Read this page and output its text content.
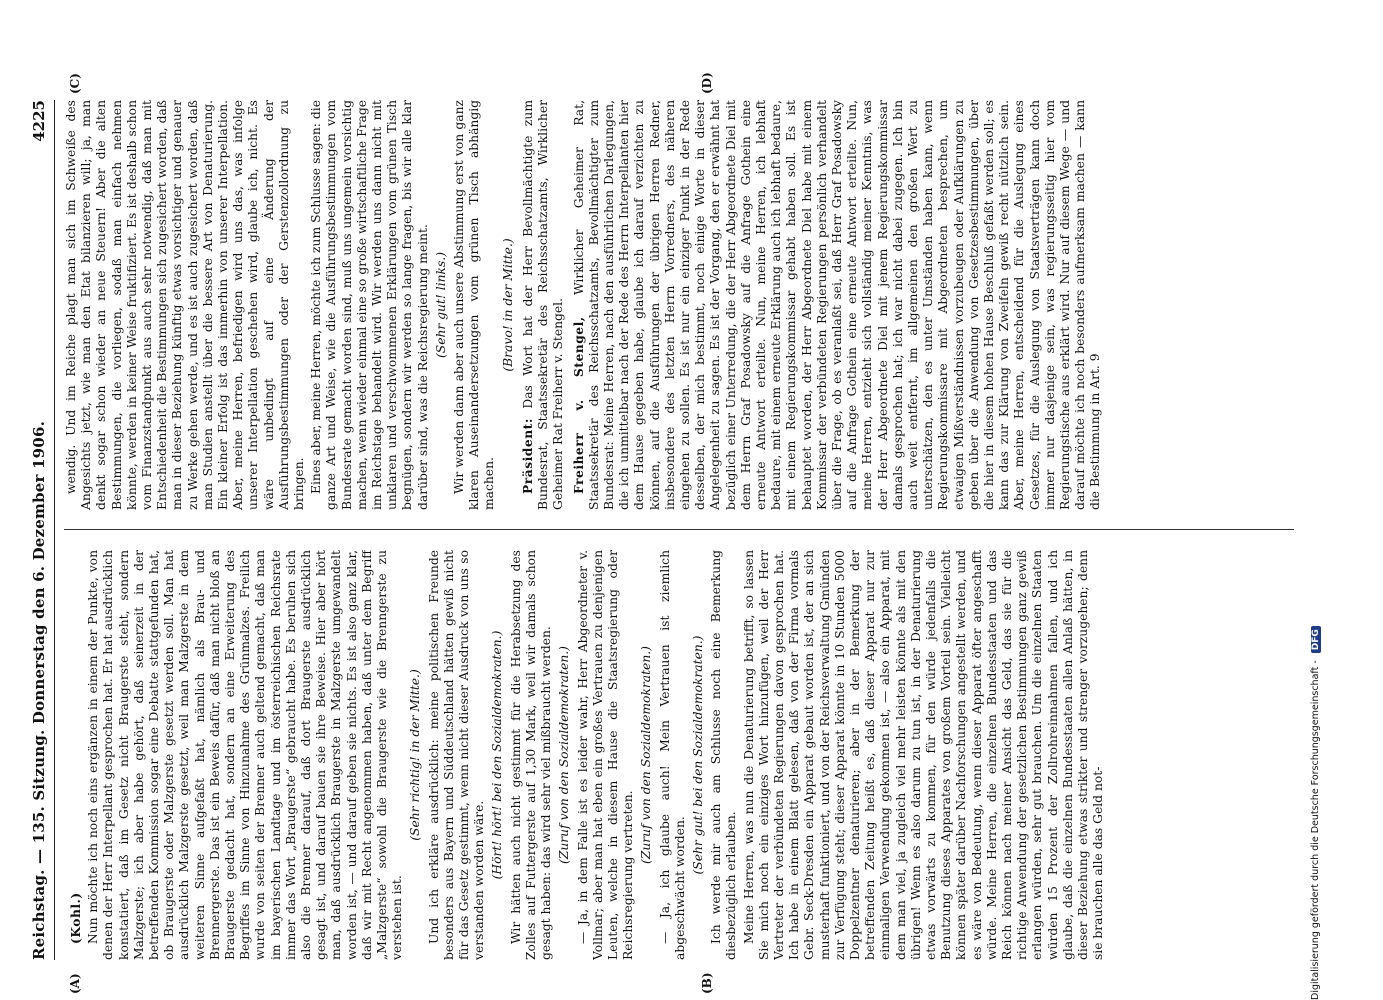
Reichstag. — 135. Sitzung. Donnerstag den 6. Dezember 1906.
4225
(A)	(B)
(C)	(D)

(Kohl.) Nun möchte ich noch eins ergänzen in einem der Punkte, von denen der Herr Interpellant gesprochen hat. Er hat ausdrücklich konstatiert, daß im Gesetz nicht Braugerste steht, sondern Malzgerste; ich aber habe gehört, daß seinerzeit in der betreffenden Kommission sogar eine Debatte stattgefunden hat, ob Braugerste oder Malzgerste gesetzt werden soll. Man hat ausdrücklich Malzgerste gesetzt, weil man Malzgerste in dem weiteren Sinne aufgefaßt hat, nämlich als Brau- und Brennergerste. Das ist ein Beweis dafür, daß man nicht bloß an Braugerste gedacht hat, sondern an eine Erweiterung des Begriffes im Sinne von Hinzunahme des Grünmalzes. Freilich wurde von seiten der Brenner auch geltend gemacht, daß man im bayerischen Landtage und im österreichischen Reichsrate immer das Wort „Braugerste“ gebraucht habe. Es beruhen sich also die Brenner darauf, daß dort Braugerste ausdrücklich gesagt ist, und darauf bauen sie ihre Beweise. Hier aber hört man, daß ausdrücklich Braugerste in Malzgerste umgewandelt worden ist, — und darauf geben sie nichts. Es ist also ganz klar, daß wir mit Recht angenommen haben, daß unter dem Begriff „Malzgerste“ sowohl die Braugerste wie die Brenngerste zu verstehen ist.

(Sehr richtig! in der Mitte.) Und ich erkläre ausdrücklich: meine politischen Freunde besonders aus Bayern und Süddeutschland hätten gewiß nicht für das Gesetz gestimmt, wenn nicht dieser Ausdruck von uns so verstanden worden wäre.

(Hört! hört! bei den Sozialdemokraten.) Wir hätten auch nicht gestimmt für die Herabsetzung des Zolles auf Futtergerste auf 1,30 Mark, weil wir damals schon gesagt haben: das wird sehr viel mißbraucht werden. (Zuruf von den Sozialdemokraten.) — Ja, in dem Falle ist es leider wahr, Herr Abgeordneter v. Vollmar; aber man hat eben ein großes Vertrauen zu denjenigen Leuten, welche in diesem Hause die Staatsregierung oder Reichsregierung vertreten.

(Zuruf von den Sozialdemokraten.) — Ja, ich glaube auch! Mein Vertrauen ist ziemlich abgeschwächt worden.

(Sehr gut! bei den Sozialdemokraten.) Ich werde mir auch am Schlusse noch eine Bemerkung diesbezüglich erlauben. Meine Herren, was nun die Denaturierung betrifft, so lassen Sie mich noch ein einziges Wort hinzufügen, weil der Herr Vertreter der verbündeten Regierungen davon gesprochen hat. Ich habe in einem Blatt gelesen, daß von der Firma vormals Gebr. Seck-Dresden ein Apparat gebaut worden ist, der an sich musterhaft funktioniert, und von der Reichsverwaltung Gmünden zur Verfügung steht; dieser Apparat könnte in 10 Stunden 5000 Doppelzentner denaturieren; aber in der Bemerkung der betreffenden Zeitung heißt es, daß dieser Apparat nur zur einmaligen Verwendung gekommen ist, — also ein Apparat, mit dem man viel, ja zugleich viel mehr leisten könnte als mit den übrigen! Wenn es also darum zu tun ist, in der Denaturierung etwas vorwärts zu kommen, für den würde jedenfalls die Benutzung dieses Apparates von großem Vorteil sein. Vielleicht können später darüber Nachforschungen angestellt werden, und es wäre von Bedeutung, wenn dieser Apparat öfter angeschafft würde. Meine Herren, die einzelnen Bundesstaaten und das Reich können nach meiner Ansicht das Geld, das sie für die richtige Anwendung der gesetzlichen Bestimmungen ganz gewiß erlangen würden, sehr gut brauchen. Um die einzelnen Staaten würden 15 Prozent der Zollrohreinnahmen fallen, und ich glaube, daß die einzelnen Bundesstaaten allen Anlaß hätten, in dieser Beziehung etwas strikter und strenger vorzugehen; denn sie brauchen alle das Geld not-

wendig. Und im Reiche plagt man sich im Schweiße des Angesichts jetzt, wie man den Etat bilanzieren will; ja, man denkt sogar schon wieder an neue Steuern! Aber die alten Bestimmungen, die vorliegen, sodaß man einfach nehmen könnte, werden in keiner Weise fruktifiziert. Es ist deshalb schon vom Finanzstandpunkt aus auch sehr notwendig, daß man mit Entschiedenheit die Bestimmungen sich zugesichert worden, daß man in dieser Beziehung künftig etwas vorsichtiger und genauer zu Werke gehen werde, und es ist auch zugesichert worden, daß man Studien anstellt über die bessere Art von Denaturierung. Ein kleiner Erfolg ist das immerhin von unserer Interpellation. Aber, meine Herren, befriedigen wird uns das, was infolge unserer Interpellation geschehen wird, glaube ich, nicht. Es wäre unbedingt auf eine Änderung der Ausführungsbestimmungen oder der Gerstenzollordnung zu bringen. Eines aber, meine Herren, möchte ich zum Schlusse sagen: die ganze Art und Weise, wie die Ausführungsbestimmungen vom Bundesrate gemacht worden sind, muß uns ungemein vorsichtig machen, wenn wieder einmal eine so große wirtschaftliche Frage im Reichstage behandelt wird. Wir werden uns dann nicht mit unklaren und verschwommenen Erklärungen vom grünen Tisch begnügen, sondern wir werden so lange fragen, bis wir alle klar darüber sind, was die Reichsregierung meint. (Sehr gut! links.) Wir werden dann aber auch unsere Abstimmung erst von ganz klaren Auseinandersetzungen vom grünen Tisch abhängig machen.

(Bravo! in der Mitte.)

Präsident: Das Wort hat der Herr Bevollmächtigte zum Bundesrat, Staatssekretär des Reichsschatzamts, Wirklicher Geheimer Rat Freiherr v. Stengel. Freiherr v. Stengel, Wirklicher Geheimer Rat, Staatssekretär des Reichsschatzamts, Bevollmächtigter zum Bundesrat: Meine Herren, nach den ausführlichen Darlegungen, die ich unmittelbar nach der Rede des Herrn Interpellanten hier dem Hause gegeben habe, glaube ich darauf verzichten zu können, auf die Ausführungen der übrigen Herren Redner, insbesondere des letzten Herrn Vorredners, des näheren eingehen zu sollen. Es ist nur ein einziger Punkt in der Rede desselben, der mich bestimmt, noch einige Worte in dieser Angelegenheit zu sagen. Es ist der Vorgang, den er erwähnt hat bezüglich einer Unterredung, die der Herr Abgeordnete Diel mit dem Herrn Graf Posadowsky auf die Anfrage Gothein eine erneute Antwort erteilte. Nun, meine Herren, ich lebhaft bedaure, mit einem erneute Erklärung auch ich lebhaft bedaure, mit einem Regierungskommissar gehabt haben soll. Es ist behauptet worden, der Herr Abgeordnete Diel habe mit einem Kommissar der verbündeten Regierungen persönlich verhandelt über die Frage, ob es veranlaßt sei, daß Herr Graf Posadowsky auf die Anfrage Gothein eine erneute Antwort erteilte. Nun, meine Herren, entzieht sich vollständig meiner Kenntnis, was der Herr Abgeordnete Diel mit jenem Regierungskommissar damals gesprochen hat; ich war nicht dabei zugegen. Ich bin auch weit entfernt, im allgemeinen den großen Wert zu unterschätzen, den es unter Umständen haben kann, wenn Regierungskommissare mit Abgeordneten besprechen, um etwaigen Mißverständnissen vorzubeugen oder Aufklärungen zu geben über die Anwendung von Gesetzesbestimmungen, über die hier in diesem hohen Hause Beschluß gefaßt werden soll; es kann das zur Klärung von Zweifeln gewiß recht nützlich sein. Aber, meine Herren, entscheidend für die Auslegung eines Gesetzes, für die Auslegung von Staatsverträgen kann doch immer nur dasjenige sein, was regierungsseitig hier vom Regierungstische aus erklärt wird. Nur auf diesem Wege — und darauf möchte ich noch besonders aufmerksam machen — kann die Bestimmung in Art. 9

Digitalisierung gefördert durch die Deutsche Forschungsgemeinschaft - DFG
